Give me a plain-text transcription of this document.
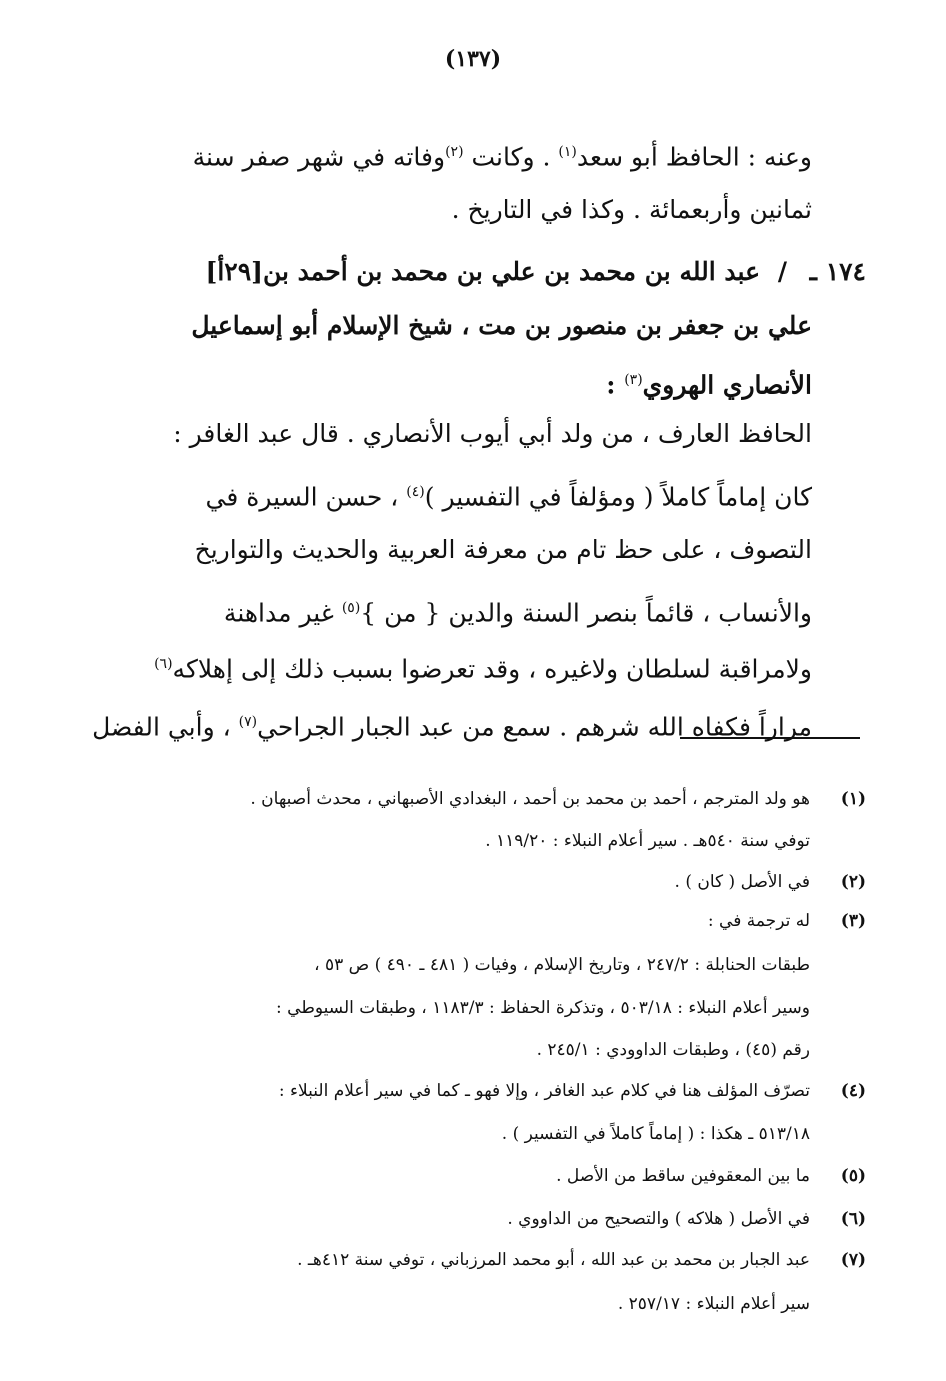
(١٣٧)
وعنه : الحافظ أبو سعد$^{(١)}$ . وكانت $^{(٢)}$وفاته في شهر صفر سنة
ثمانين وأربعمائة . وكذا في التاريخ .
١٧٤ ـ /
عبد الله بن محمد بن علي بن محمد بن أحمد بن[٢٩أ]
علي بن جعفر بن منصور بن مت ، شيخ الإسلام أبو إسماعيل
الأنصاري الهروي$^{(٣)}$ :
الحافظ العارف ، من ولد أبي أيوب الأنصاري . قال عبد الغافر :
كان إماماً كاملاً ( ومؤلفاً في التفسير )$^{(٤)}$ ، حسن السيرة في
التصوف ، على حظ تام من معرفة العربية والحديث والتواريخ
والأنساب ، قائماً بنصر السنة والدين { من }$^{(٥)}$ غير مداهنة
ولامراقبة لسلطان ولاغيره ، وقد تعرضوا بسبب ذلك إلى إهلاكه$^{(٦)}$
مراراً فكفاه الله شرهم . سمع من عبد الجبار الجراحي$^{(٧)}$ ، وأبي الفضل
(١)
هو ولد المترجم ، أحمد بن محمد بن أحمد ، البغدادي الأصبهاني ، محدث أصبهان .
توفي سنة ٥٤٠هـ . سير أعلام النبلاء : ١١٩/٢٠ .
(٢)
في الأصل ( كان ) .
(٣)
له ترجمة في :
طبقات الحنابلة : ٢٤٧/٢ ، وتاريخ الإسلام ، وفيات ( ٤٨١ ـ ٤٩٠ ) ص ٥٣ ،
وسير أعلام النبلاء : ٥٠٣/١٨ ، وتذكرة الحفاظ : ١١٨٣/٣ ، وطبقات السيوطي :
رقم (٤٥) ، وطبقات الداوودي : ٢٤٥/١ .
(٤)
تصرّف المؤلف هنا في كلام عبد الغافر ، وإلا فهو ـ كما في سير أعلام النبلاء :
٥١٣/١٨ ـ هكذا : ( إماماً كاملاً في التفسير ) .
(٥)
ما بين المعقوفين ساقط من الأصل .
(٦)
في الأصل ( هلاكه ) والتصحيح من الداووي .
(٧)
عبد الجبار بن محمد بن عبد الله ، أبو محمد المرزباني ، توفي سنة ٤١٢هـ .
سير أعلام النبلاء : ٢٥٧/١٧ .
